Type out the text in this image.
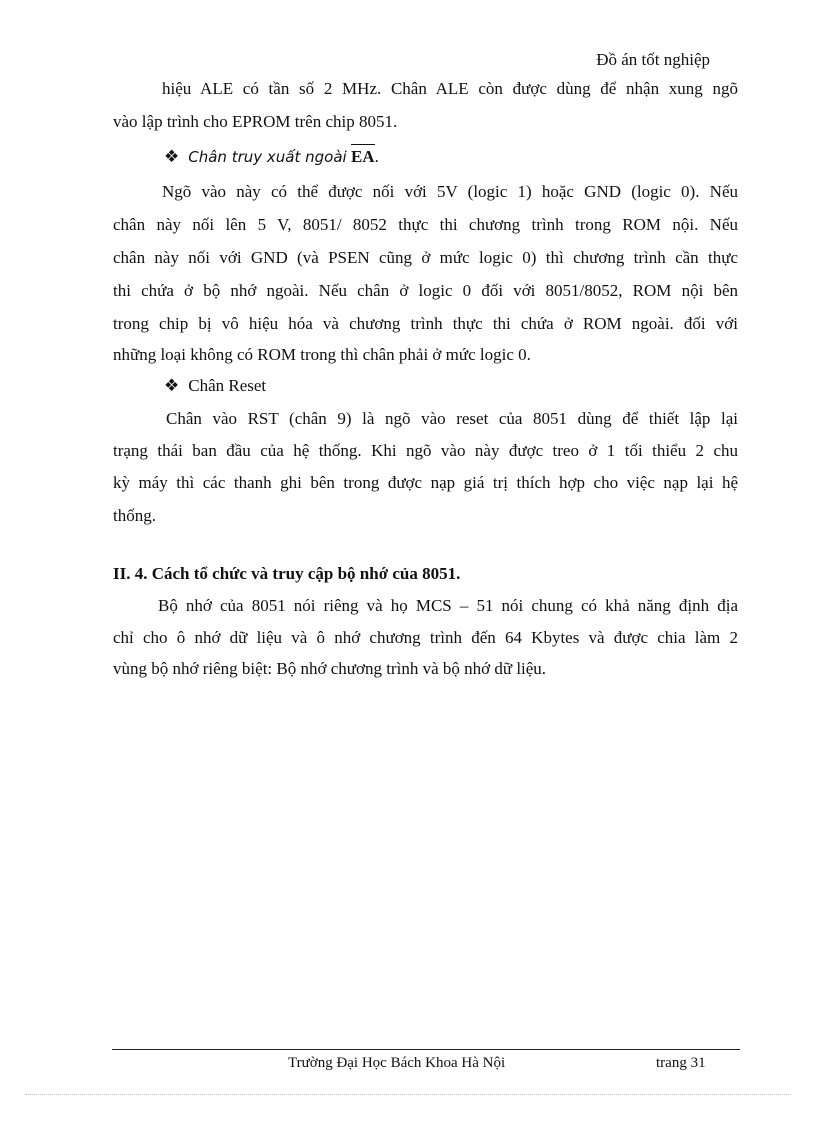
Đồ án tốt nghiệp
hiệu ALE có tần số 2 MHz. Chân ALE còn được dùng để nhận xung ngõ
vào lập trình cho EPROM trên chip 8051.
❖ Chân truy xuất ngoài EA.
Ngõ vào này có thể được nối với 5V (logic 1) hoặc GND (logic 0). Nếu
chân này nối lên 5 V, 8051/ 8052 thực thi chương trình trong ROM nội. Nếu
chân này nối với GND (và PSEN cũng ở mức logic 0) thì chương trình cần thực
thi chứa ở bộ nhớ ngoài. Nếu chân ở logic 0 đối với 8051/8052, ROM nội bên
trong chip bị vô hiệu hóa và chương trình thực thi chứa ở ROM ngoài. đối với
những loại không có ROM trong thì chân phải ở mức logic 0.
❖ Chân Reset
Chân vào RST (chân 9) là ngõ vào reset của 8051 dùng để thiết lập lại
trạng thái ban đầu của hệ thống. Khi ngõ vào này được treo ở 1 tối thiểu 2 chu
kỳ máy thì các thanh ghi bên trong được nạp giá trị thích hợp cho việc nạp lại hệ
thống.
II. 4. Cách tổ chức và truy cập bộ nhớ của 8051.
Bộ nhớ của 8051 nói riêng và họ MCS – 51 nói chung có khả năng định địa
chỉ cho ô nhớ dữ liệu và ô nhớ chương trình đến 64 Kbytes và được chia làm 2
vùng bộ nhớ riêng biệt: Bộ nhớ chương trình và bộ nhớ dữ liệu.
Trường Đại Học Bách Khoa Hà Nội	trang 31
